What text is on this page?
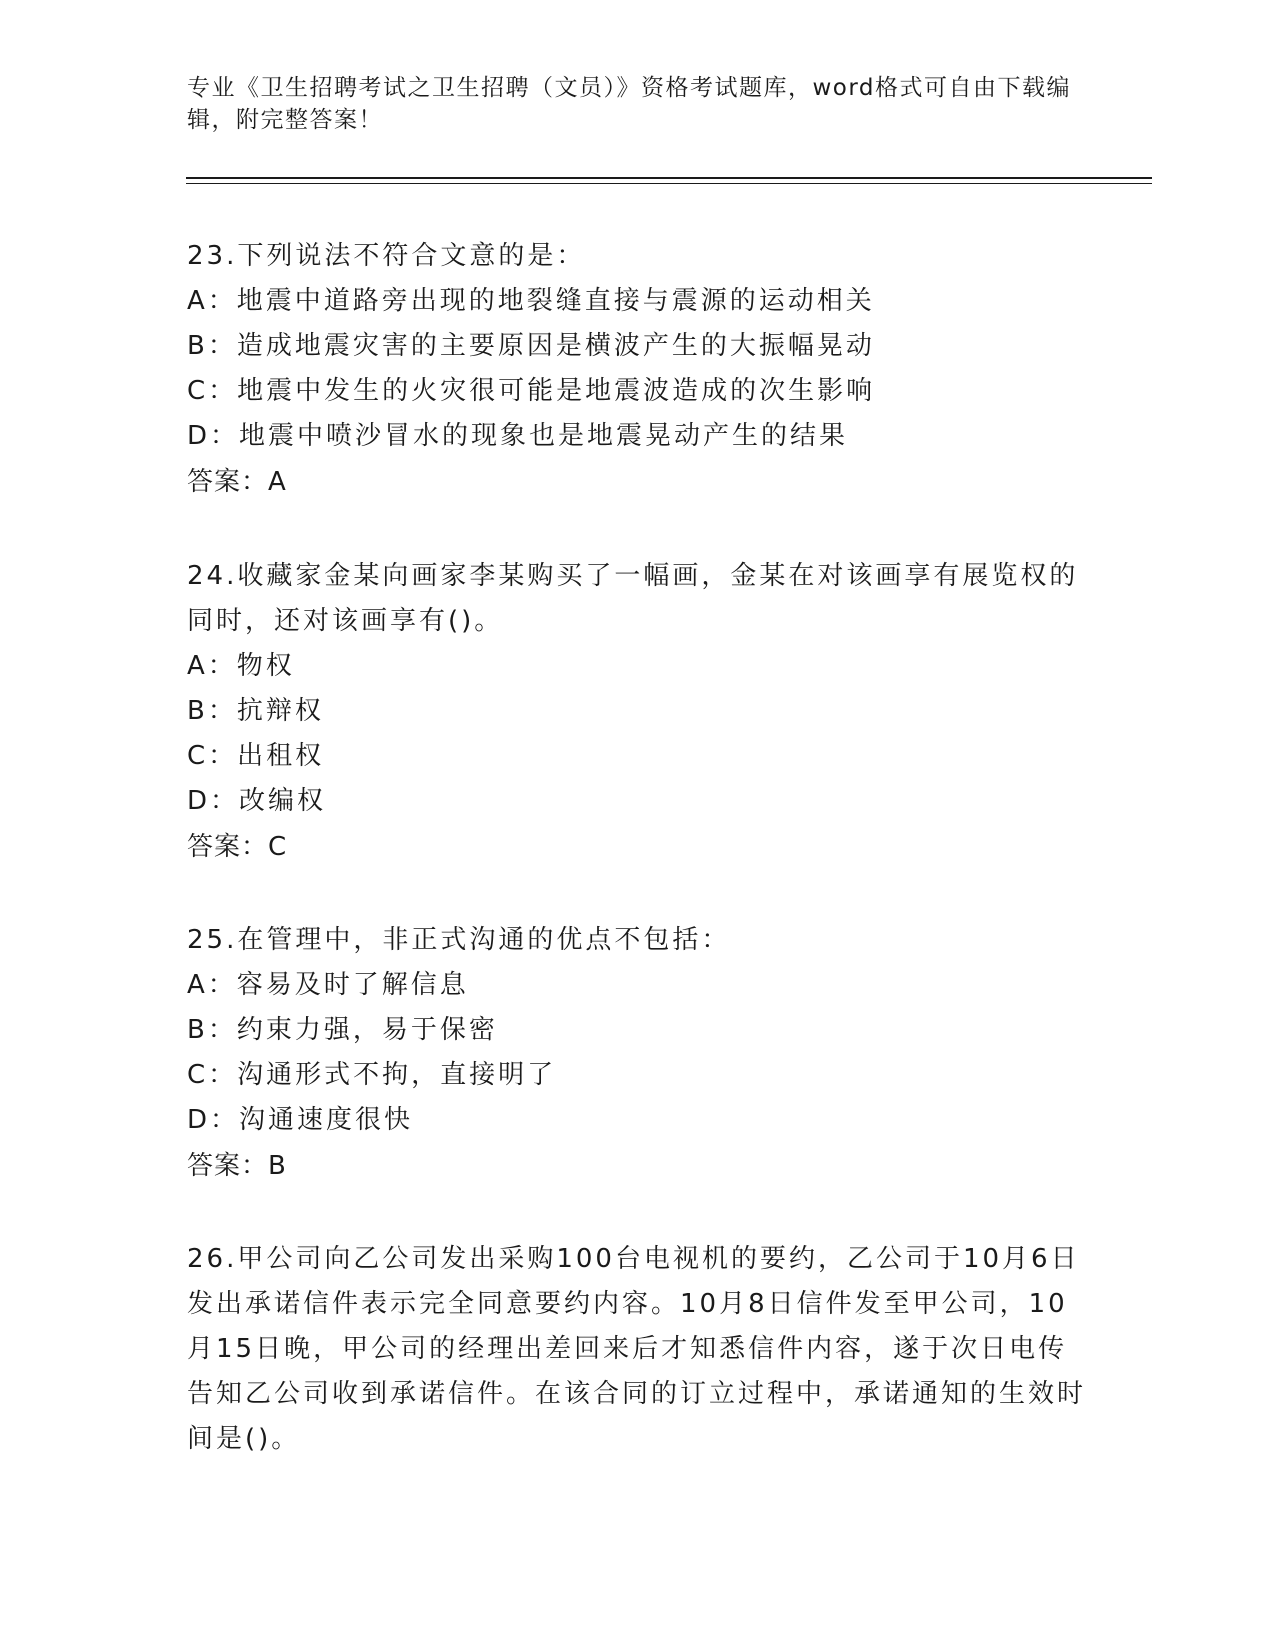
专业《卫生招聘考试之卫生招聘（文员）》资格考试题库，word格式可自由下载编辑，附完整答案！
23.下列说法不符合文意的是：
A：地震中道路旁出现的地裂缝直接与震源的运动相关
B：造成地震灾害的主要原因是横波产生的大振幅晃动
C：地震中发生的火灾很可能是地震波造成的次生影响
D：地震中喷沙冒水的现象也是地震晃动产生的结果
答案：A
24.收藏家金某向画家李某购买了一幅画，金某在对该画享有展览权的同时，还对该画享有()。
A：物权
B：抗辩权
C：出租权
D：改编权
答案：C
25.在管理中，非正式沟通的优点不包括：
A：容易及时了解信息
B：约束力强，易于保密
C：沟通形式不拘，直接明了
D：沟通速度很快
答案：B
26.甲公司向乙公司发出采购100台电视机的要约，乙公司于10月6日发出承诺信件表示完全同意要约内容。10月8日信件发至甲公司，10月15日晚，甲公司的经理出差回来后才知悉信件内容，遂于次日电传告知乙公司收到承诺信件。在该合同的订立过程中，承诺通知的生效时间是()。
